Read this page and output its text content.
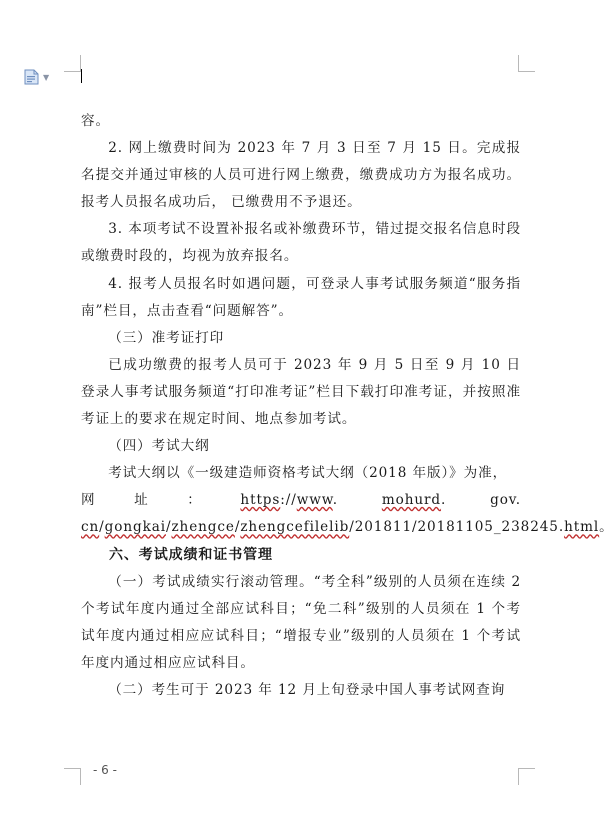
▼

容。

2. 网上缴费时间为 2023 年 7 月 3 日至 7 月 15 日。完成报名提交并通过审核的人员可进行网上缴费，缴费成功方为报名成功。报考人员报名成功后， 已缴费用不予退还。

3. 本项考试不设置补报名或补缴费环节，错过提交报名信息时段或缴费时段的，均视为放弃报名。

4. 报考人员报名时如遇问题，可登录人事考试服务频道“服务指南”栏目，点击查看“问题解答”。

（三）准考证打印

已成功缴费的报考人员可于 2023 年 9 月 5 日至 9 月 10 日登录人事考试服务频道“打印准考证”栏目下载打印准考证，并按照准考证上的要求在规定时间、地点参加考试。

（四）考试大纲

考试大纲以《一级建造师资格考试大纲（2018 年版）》为准，

网址：https://www. mohurd. gov. cn/gongkai/zhengce/zhengcefilelib/201811/20181105_238245.html。

六、考试成绩和证书管理

（一）考试成绩实行滚动管理。“考全科”级别的人员须在连续 2 个考试年度内通过全部应试科目；“免二科”级别的人员须在 1 个考试年度内通过相应应试科目；“增报专业”级别的人员须在 1 个考试年度内通过相应应试科目。

（二）考生可于 2023 年 12 月上旬登录中国人事考试网查询

- 6 -
